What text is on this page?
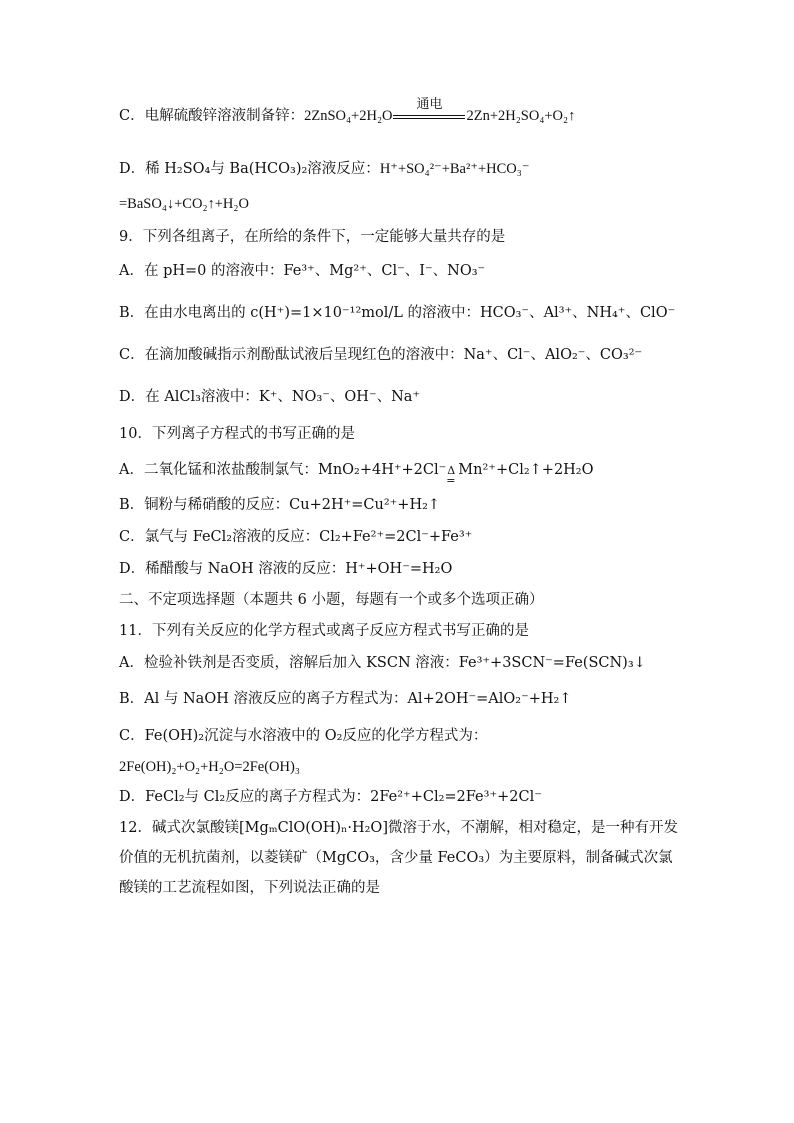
C．电解硫酸锌溶液制备锌：2ZnSO₄+2H₂O
通电
2Zn+2H₂SO₄+O₂↑
D．稀 H₂SO₄与 Ba(HCO₃)₂溶液反应：H⁺+SO₄²⁻+Ba²⁺+HCO₃⁻
=BaSO₄↓+CO₂↑+H₂O
9．下列各组离子，在所给的条件下，一定能够大量共存的是
A．在 pH=0 的溶液中：Fe³⁺、Mg²⁺、Cl⁻、I⁻、NO₃⁻
B．在由水电离出的 c(H⁺)=1×10⁻¹²mol/L 的溶液中：HCO₃⁻、Al³⁺、NH₄⁺、ClO⁻
C．在滴加酸碱指示剂酚酞试液后呈现红色的溶液中：Na⁺、Cl⁻、AlO₂⁻、CO₃²⁻
D．在 AlCl₃溶液中：K⁺、NO₃⁻、OH⁻、Na⁺
10．下列离子方程式的书写正确的是
A．二氧化锰和浓盐酸制氯气：MnO₂+4H⁺+2Cl⁻ Δ
=
Mn²⁺+Cl₂↑+2H₂O
B．铜粉与稀硝酸的反应：Cu+2H⁺=Cu²⁺+H₂↑
C．氯气与 FeCl₂溶液的反应：Cl₂+Fe²⁺=2Cl⁻+Fe³⁺
D．稀醋酸与 NaOH 溶液的反应：H⁺+OH⁻=H₂O
二、不定项选择题（本题共 6 小题，每题有一个或多个选项正确）
11．下列有关反应的化学方程式或离子反应方程式书写正确的是
A．检验补铁剂是否变质，溶解后加入 KSCN 溶液：Fe³⁺+3SCN⁻=Fe(SCN)₃↓
B．Al 与 NaOH 溶液反应的离子方程式为：Al+2OH⁻=AlO₂⁻+H₂↑
C．Fe(OH)₂沉淀与水溶液中的 O₂反应的化学方程式为：
2Fe(OH)₂+O₂+H₂O=2Fe(OH)₃
D．FeCl₂与 Cl₂反应的离子方程式为：2Fe²⁺+Cl₂=2Fe³⁺+2Cl⁻
12．碱式次氯酸镁[MgₘClO(OH)ₙ·H₂O]微溶于水，不潮解，相对稳定，是一种有开发价值的无机抗菌剂，以菱镁矿（MgCO₃，含少量 FeCO₃）为主要原料，制备碱式次氯酸镁的工艺流程如图，下列说法正确的是
